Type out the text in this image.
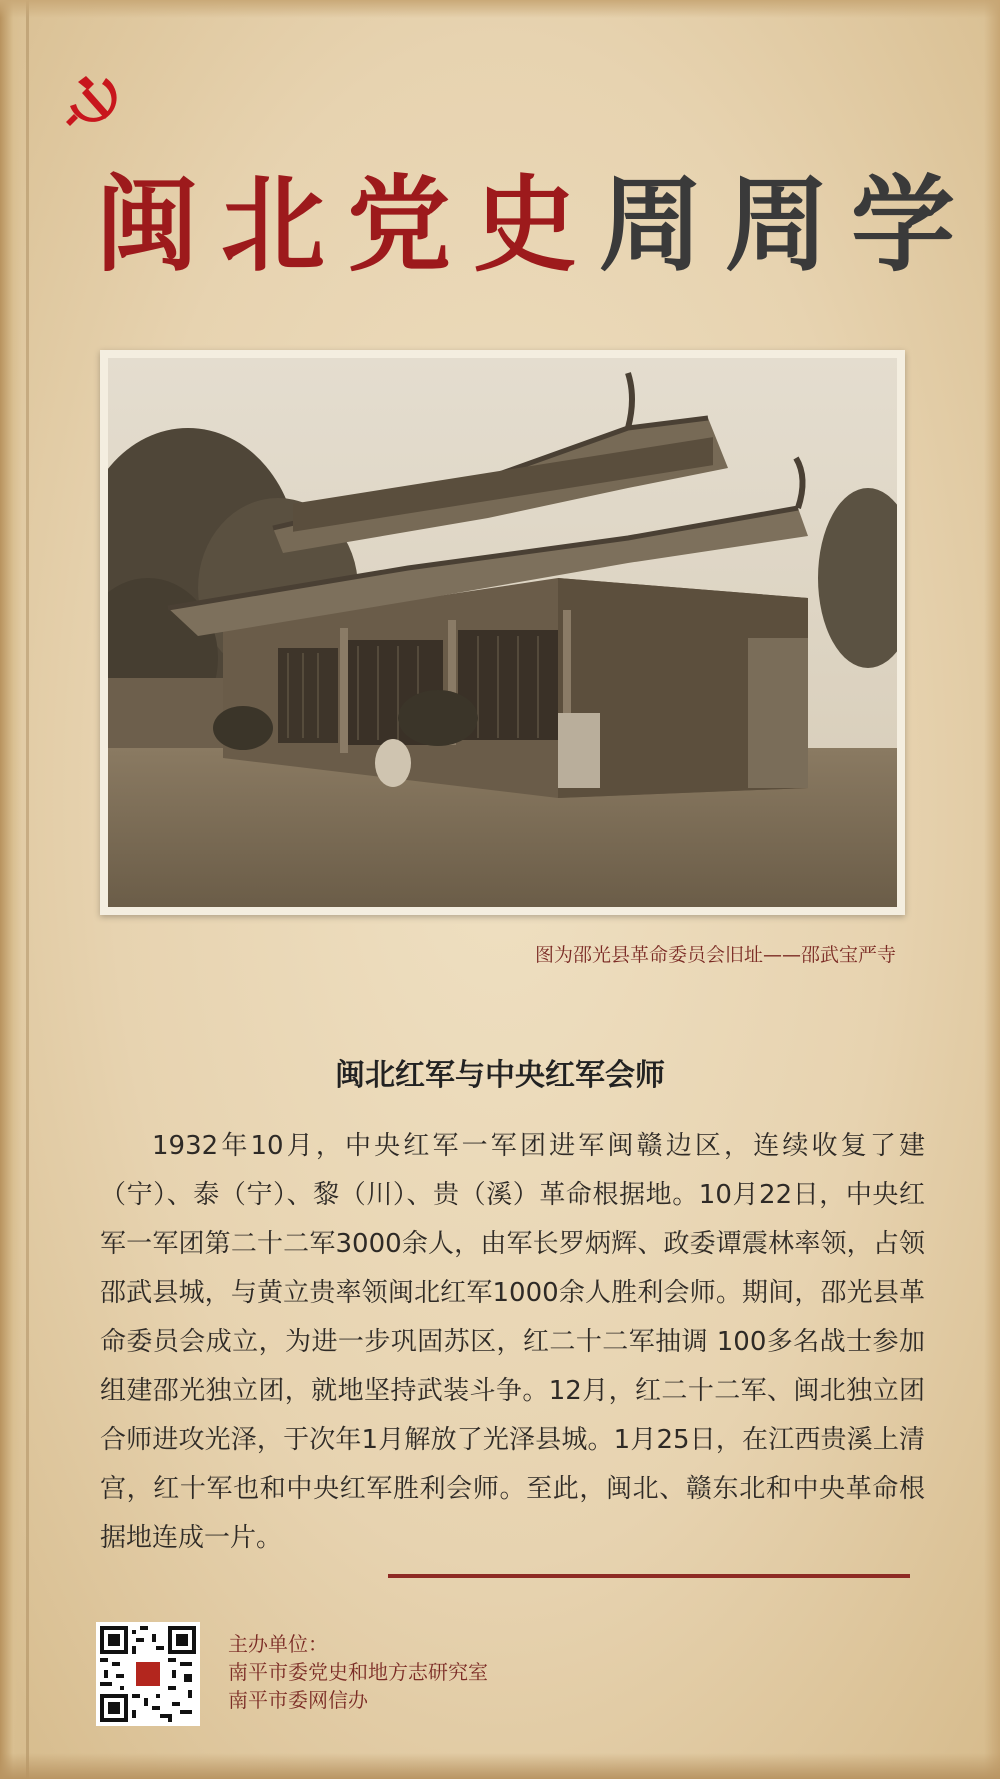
闽北党史周周学
图为邵光县革命委员会旧址——邵武宝严寺
闽北红军与中央红军会师
1932年10月，中央红军一军团进军闽赣边区，连续收复了建（宁）、泰（宁）、黎（川）、贵（溪）革命根据地。10月22日，中央红军一军团第二十二军3000余人，由军长罗炳辉、政委谭震林率领，占领邵武县城，与黄立贵率领闽北红军1000余人胜利会师。期间，邵光县革命委员会成立，为进一步巩固苏区，红二十二军抽调 100多名战士参加组建邵光独立团，就地坚持武装斗争。12月，红二十二军、闽北独立团合师进攻光泽，于次年1月解放了光泽县城。1月25日，在江西贵溪上清宫，红十军也和中央红军胜利会师。至此，闽北、赣东北和中央革命根据地连成一片。
主办单位：
南平市委党史和地方志研究室
南平市委网信办
